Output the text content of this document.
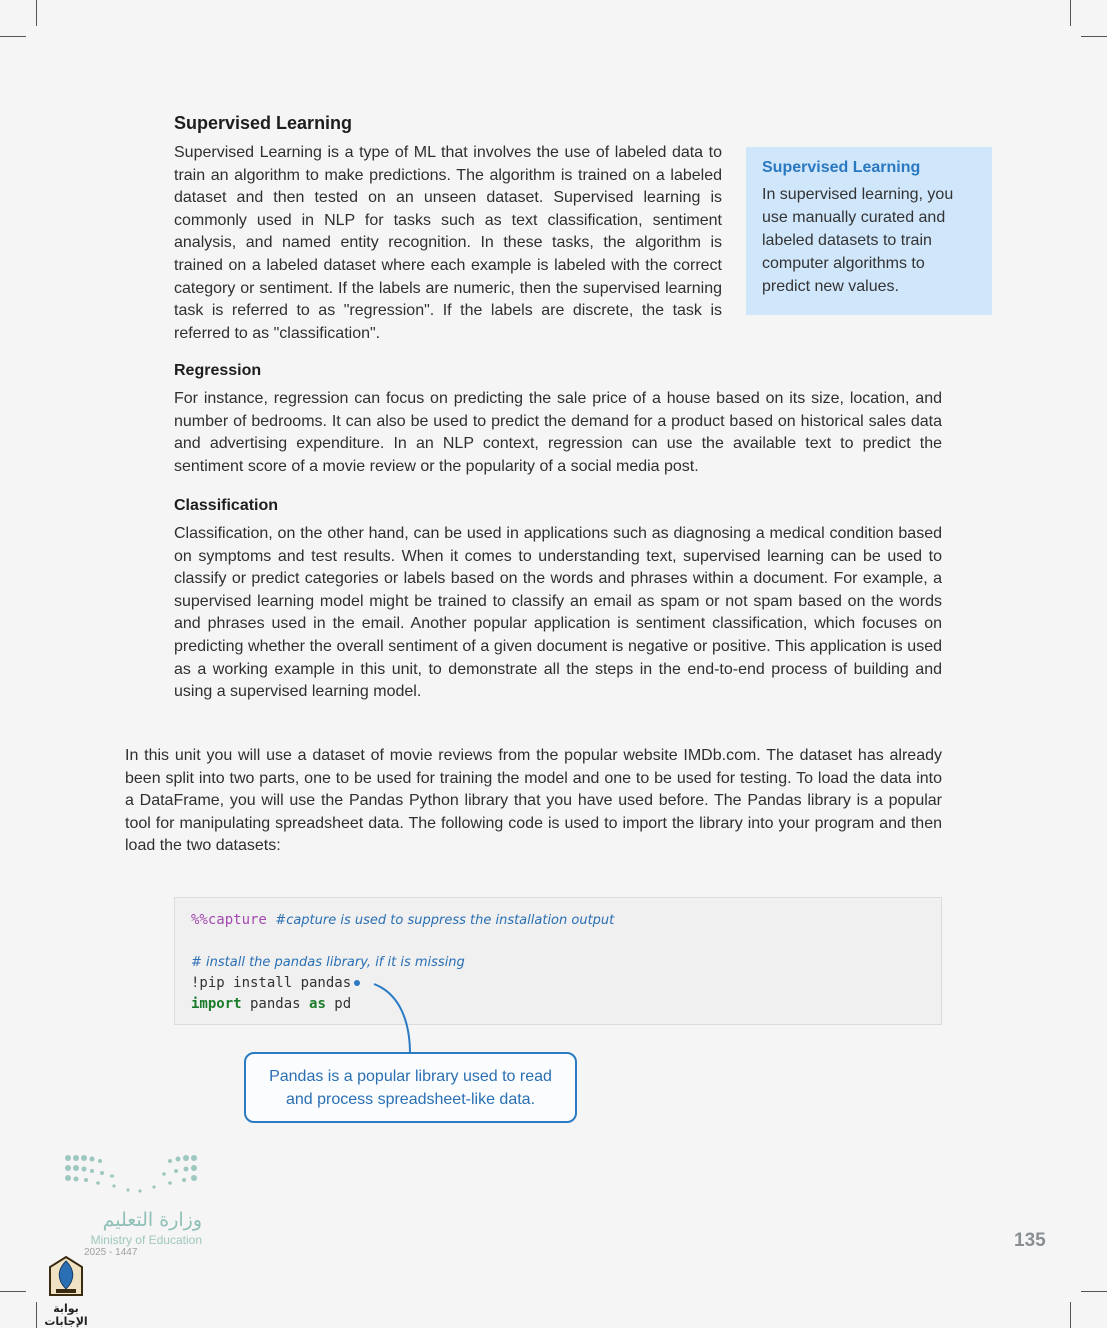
Supervised Learning

Supervised Learning is a type of ML that involves the use of labeled data to train an algorithm to make predictions. The algorithm is trained on a labeled dataset and then tested on an unseen dataset. Supervised learning is commonly used in NLP for tasks such as text classification, sentiment analysis, and named entity recognition. In these tasks, the algorithm is trained on a labeled dataset where each example is labeled with the correct category or sentiment. If the labels are numeric, then the supervised learning task is referred to as "regression". If the labels are discrete, the task is referred to as "classification".

Supervised Learning
In supervised learning, you use manually curated and labeled datasets to train computer algorithms to predict new values.
Regression

For instance, regression can focus on predicting the sale price of a house based on its size, location, and number of bedrooms. It can also be used to predict the demand for a product based on historical sales data and advertising expenditure. In an NLP context, regression can use the available text to predict the sentiment score of a movie review or the popularity of a social media post.

Classification

Classification, on the other hand, can be used in applications such as diagnosing a medical condition based on symptoms and test results. When it comes to understanding text, supervised learning can be used to classify or predict categories or labels based on the words and phrases within a document. For example, a supervised learning model might be trained to classify an email as spam or not spam based on the words and phrases used in the email. Another popular application is sentiment classification, which focuses on predicting whether the overall sentiment of a given document is negative or positive. This application is used as a working example in this unit, to demonstrate all the steps in the end-to-end process of building and using a supervised learning model.

In this unit you will use a dataset of movie reviews from the popular website IMDb.com. The dataset has already been split into two parts, one to be used for training the model and one to be used for testing. To load the data into a DataFrame, you will use the Pandas Python library that you have used before. The Pandas library is a popular tool for manipulating spreadsheet data. The following code is used to import the library into your program and then load the two datasets:

%%capture #capture is used to suppress the installation output

# install the pandas library, if it is missing
!pip install pandas
import pandas as pd
Pandas is a popular library used to read and process spreadsheet-like data.
وزارة التعليم
Ministry of Education
2025 - 1447
بوابة الإجابات
135
